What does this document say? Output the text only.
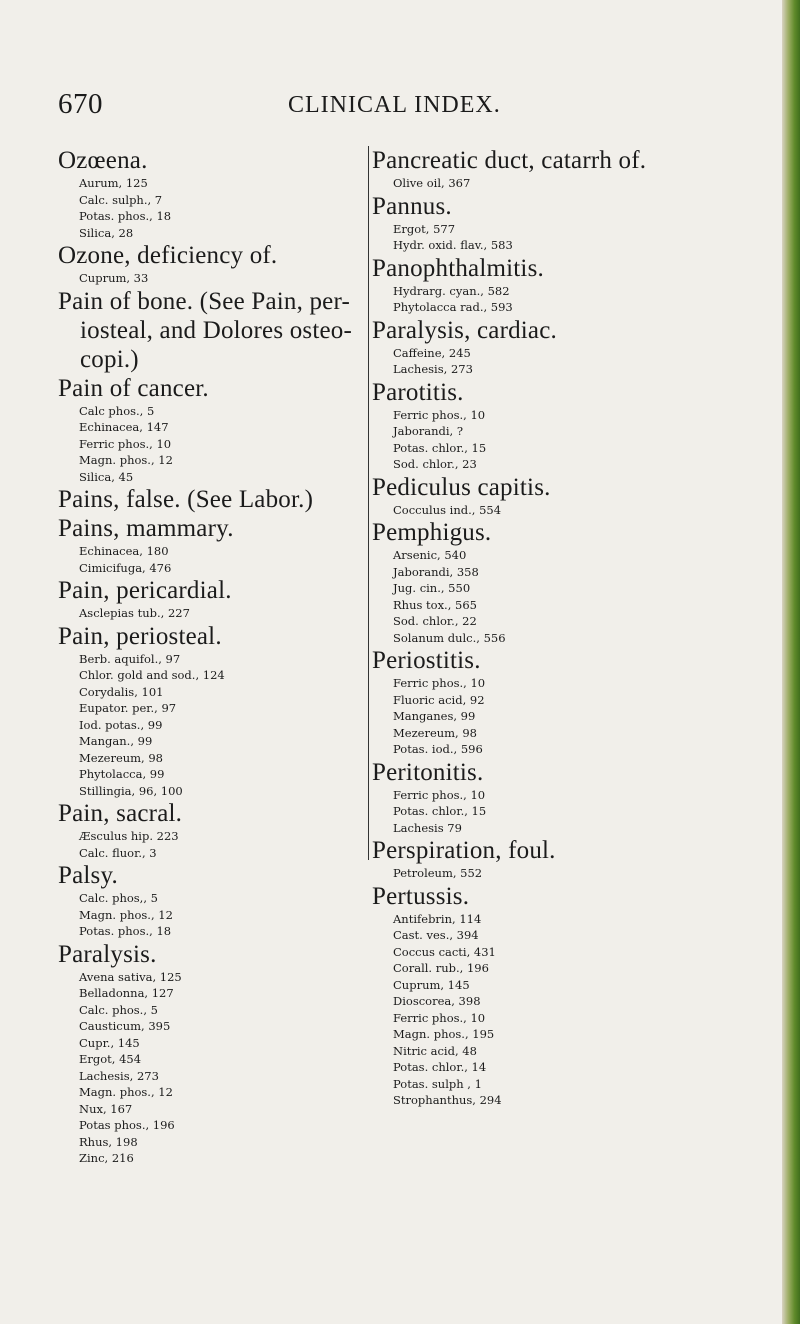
670	CLINICAL INDEX.
Ozœena.
Aurum, 125
Calc. sulph., 7
Potas. phos., 18
Silica, 28
Ozone, deficiency of.
Cuprum, 33
Pain of bone. (See Pain, per-
iosteal, and Dolores osteo-
copi.)
Pain of cancer.
Calc phos., 5
Echinacea, 147
Ferric phos., 10
Magn. phos., 12
Silica, 45
Pains, false. (See Labor.)
Pains, mammary.
Echinacea, 180
Cimicifuga, 476
Pain, pericardial.
Asclepias tub., 227
Pain, periosteal.
Berb. aquifol., 97
Chlor. gold and sod., 124
Corydalis, 101
Eupator. per., 97
Iod. potas., 99
Mangan., 99
Mezereum, 98
Phytolacca, 99
Stillingia, 96, 100
Pain, sacral.
Æsculus hip. 223
Calc. fluor., 3
Palsy.
Calc. phos,, 5
Magn. phos., 12
Potas. phos., 18
Paralysis.
Avena sativa, 125
Belladonna, 127
Calc. phos., 5
Causticum, 395
Cupr., 145
Ergot, 454
Lachesis, 273
Magn. phos., 12
Nux, 167
Potas phos., 196
Rhus, 198
Zinc, 216
Pancreatic duct, catarrh of.
Olive oil, 367
Pannus.
Ergot, 577
Hydr. oxid. flav., 583
Panophthalmitis.
Hydrarg. cyan., 582
Phytolacca rad., 593
Paralysis, cardiac.
Caffeine, 245
Lachesis, 273
Parotitis.
Ferric phos., 10
Jaborandi, ?
Potas. chlor., 15
Sod. chlor., 23
Pediculus capitis.
Cocculus ind., 554
Pemphigus.
Arsenic, 540
Jaborandi, 358
Jug. cin., 550
Rhus tox., 565
Sod. chlor., 22
Solanum dulc., 556
Periostitis.
Ferric phos., 10
Fluoric acid, 92
Manganes, 99
Mezereum, 98
Potas. iod., 596
Peritonitis.
Ferric phos., 10
Potas. chlor., 15
Lachesis 79
Perspiration, foul.
Petroleum, 552
Pertussis.
Antifebrin, 114
Cast. ves., 394
Coccus cacti, 431
Corall. rub., 196
Cuprum, 145
Dioscorea, 398
Ferric phos., 10
Magn. phos., 195
Nitric acid, 48
Potas. chlor., 14
Potas. sulph , 1
Strophanthus, 294
